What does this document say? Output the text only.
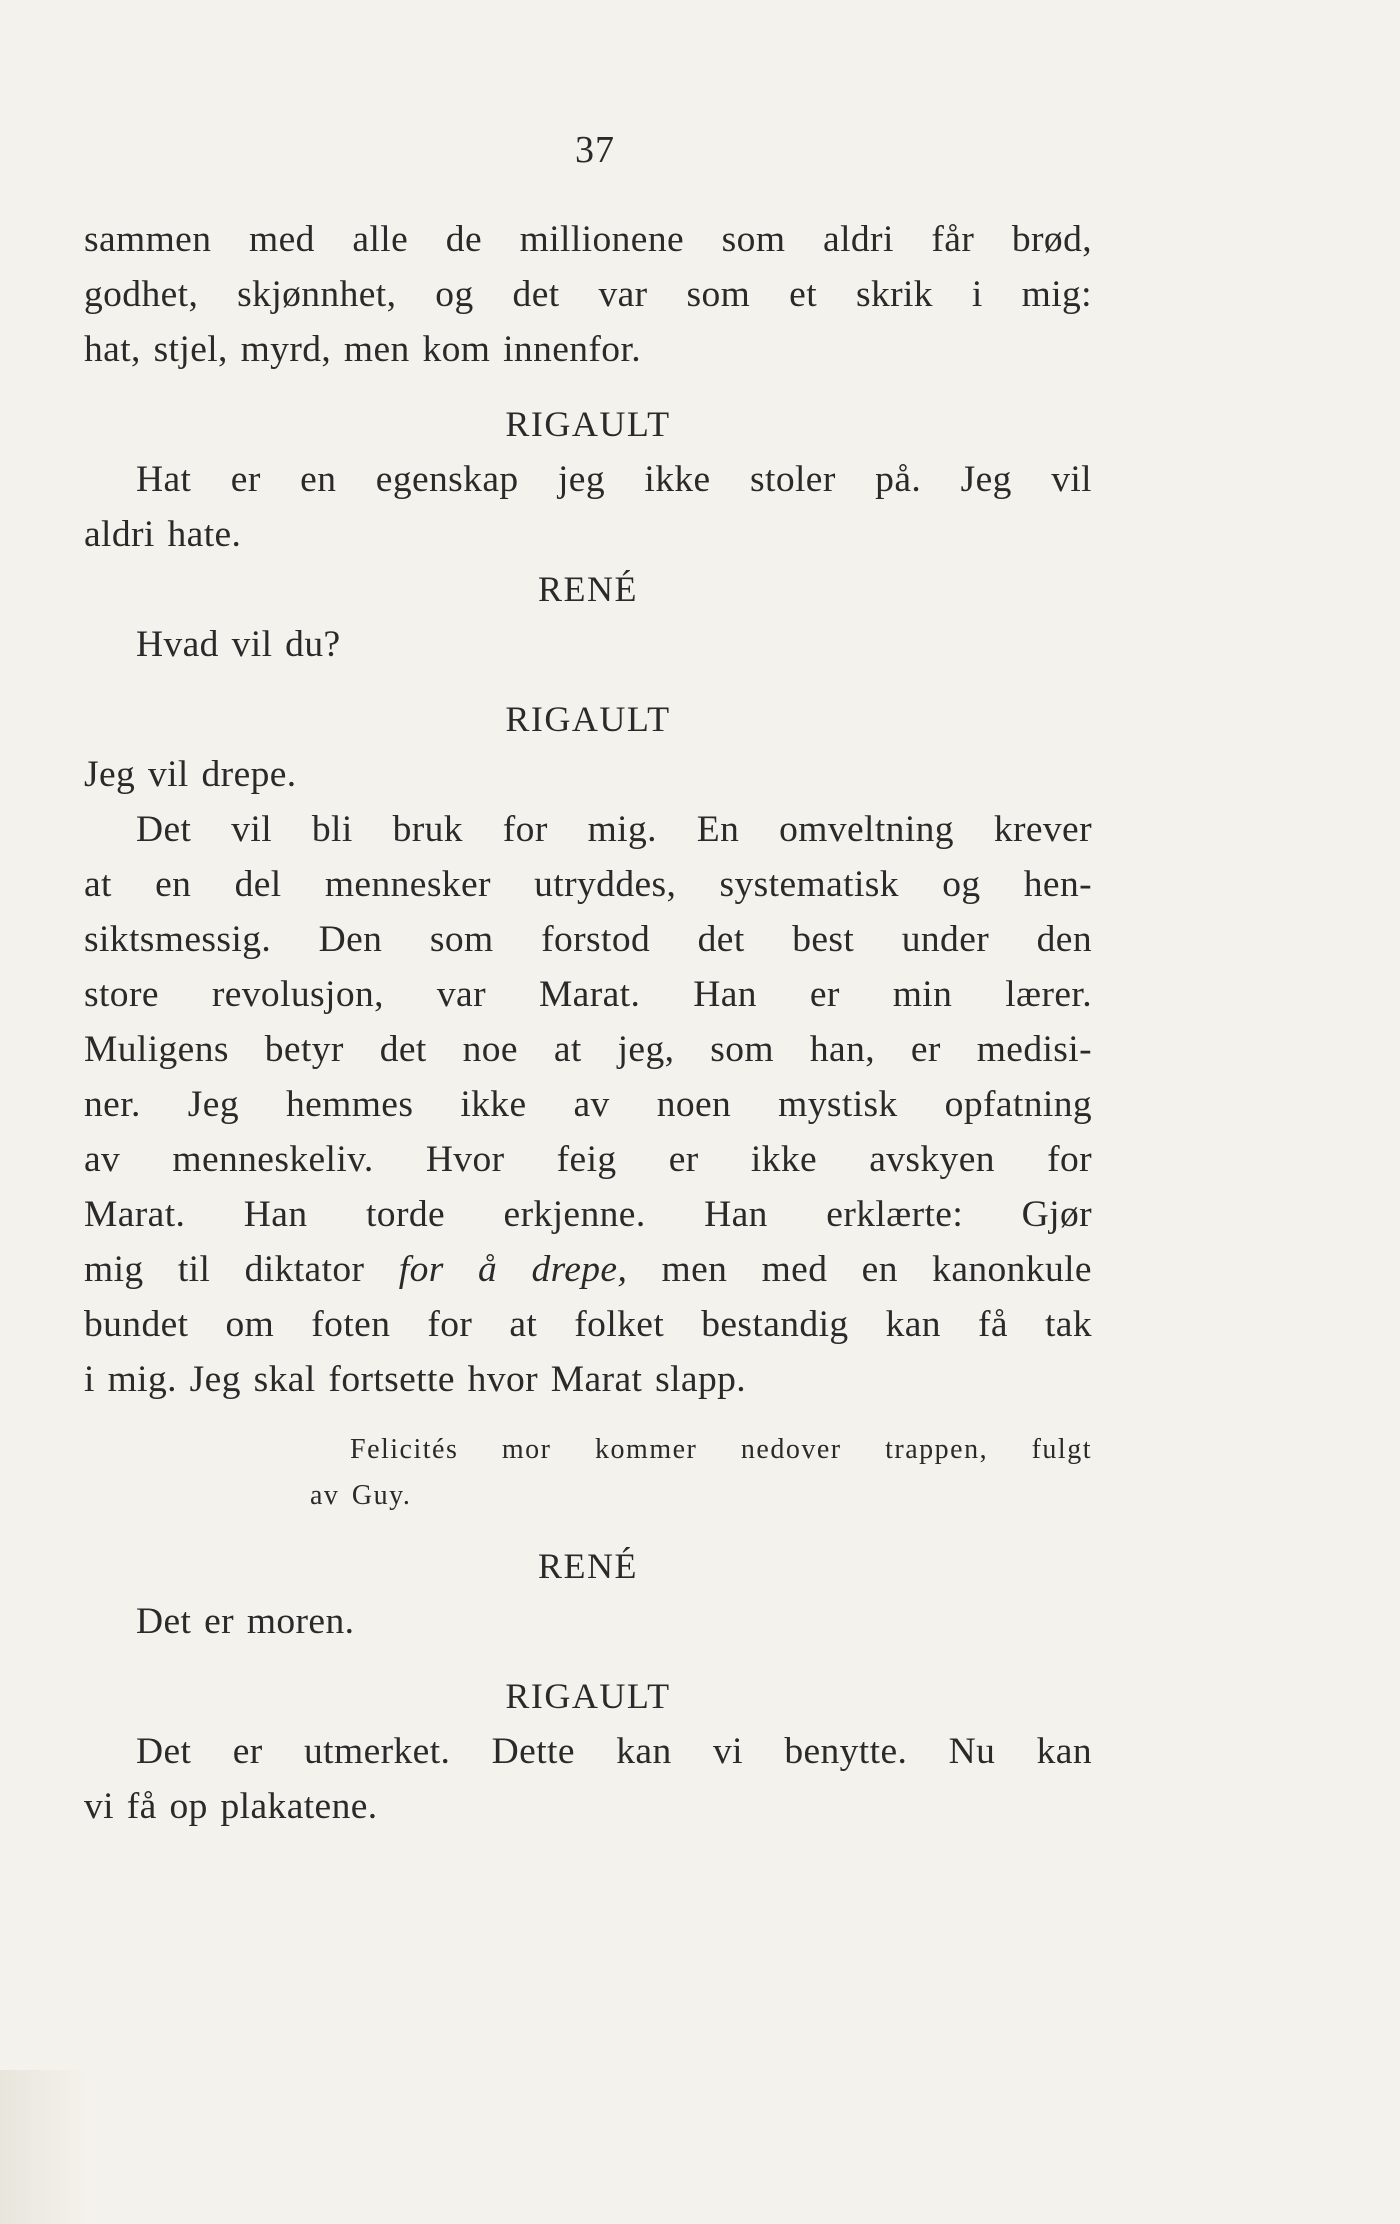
37

sammen med alle de millionene som aldri får brød,
godhet, skjønnhet, og det var som et skrik i mig:
hat, stjel, myrd, men kom innenfor.

RIGAULT

Hat er en egenskap jeg ikke stoler på. Jeg vil
aldri hate.

RENÉ

Hvad vil du?

RIGAULT

Jeg vil drepe.

Det vil bli bruk for mig. En omveltning krever
at en del mennesker utryddes, systematisk og hen-
siktsmessig. Den som forstod det best under den
store revolusjon, var Marat. Han er min lærer.
Muligens betyr det noe at jeg, som han, er medisi-
ner. Jeg hemmes ikke av noen mystisk opfatning
av menneskeliv. Hvor feig er ikke avskyen for
Marat. Han torde erkjenne. Han erklærte: Gjør
mig til diktator for å drepe, men med en kanonkule
bundet om foten for at folket bestandig kan få tak
i mig. Jeg skal fortsette hvor Marat slapp.

Felicités mor kommer nedover trappen, fulgt
av Guy.

RENÉ

Det er moren.

RIGAULT

Det er utmerket. Dette kan vi benytte. Nu kan
vi få op plakatene.
